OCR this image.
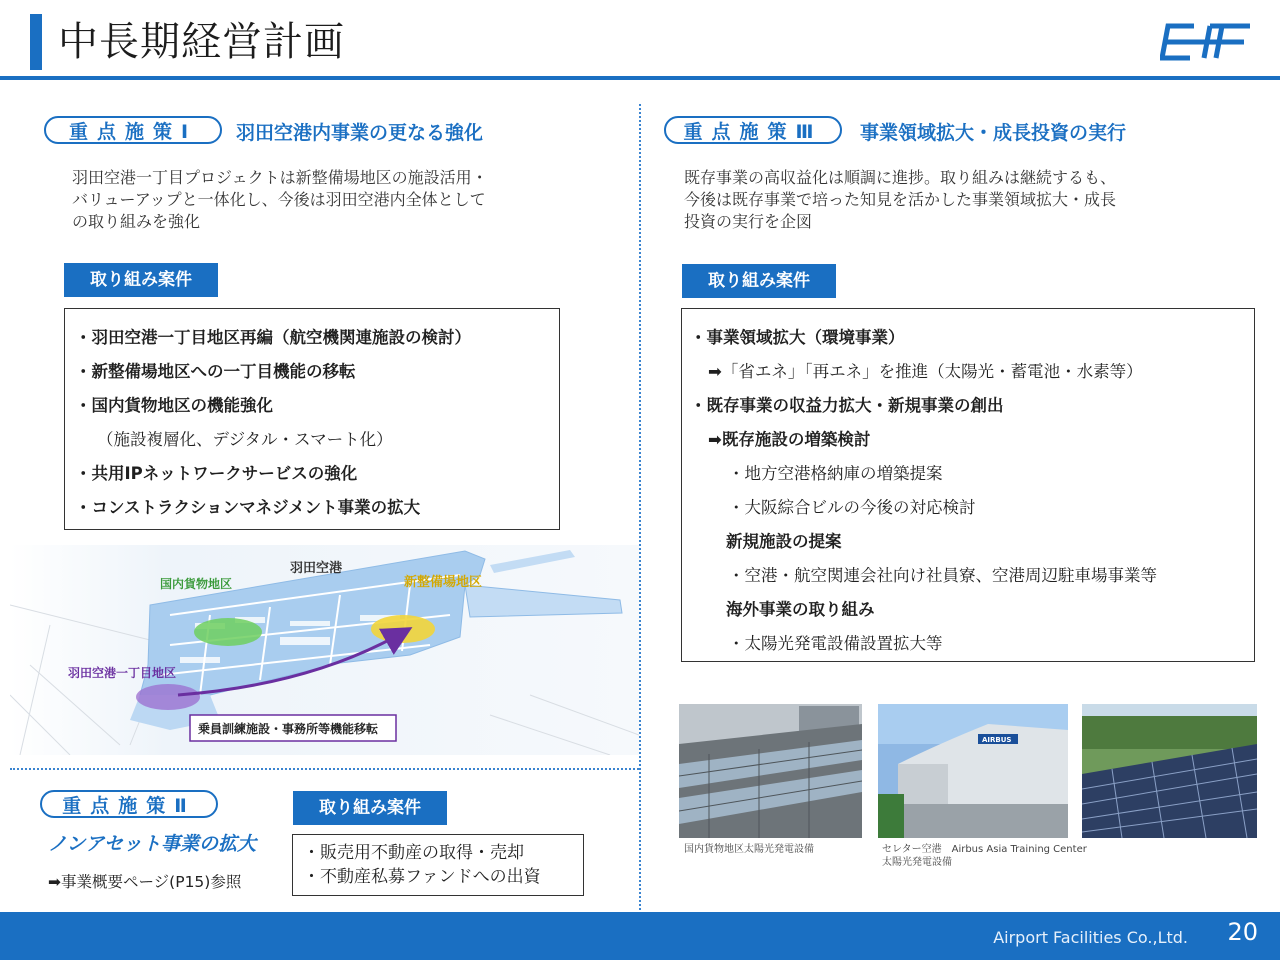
中長期経営計画
重点施策Ⅰ	羽田空港内事業の更なる強化
羽田空港一丁目プロジェクトは新整備場地区の施設活用・
バリューアップと一体化し、今後は羽田空港内全体として
の取り組みを強化
取り組み案件
・羽田空港一丁目地区再編（航空機関連施設の検討）
・新整備場地区への一丁目機能の移転
・国内貨物地区の機能強化
（施設複層化、デジタル・スマート化）
・共用IPネットワークサービスの強化
・コンストラクションマネジメント事業の拡大
羽田空港
国内貨物地区	新整備場地区
羽田空港一丁目地区
乗員訓練施設・事務所等機能移転
重点施策Ⅱ
ノンアセット事業の拡大
➡事業概要ページ(P15)参照
取り組み案件
・販売用不動産の取得・売却
・不動産私募ファンドへの出資
重点施策Ⅲ	事業領域拡大・成長投資の実行
既存事業の高収益化は順調に進捗。取り組みは継続するも、
今後は既存事業で培った知見を活かした事業領域拡大・成長
投資の実行を企図
取り組み案件
・事業領域拡大（環境事業）
➡「省エネ」「再エネ」を推進（太陽光・蓄電池・水素等）
・既存事業の収益力拡大・新規事業の創出
➡既存施設の増築検討
・地方空港格納庫の増築提案
・大阪綜合ビルの今後の対応検討
新規施設の提案
・空港・航空関連会社向け社員寮、空港周辺駐車場事業等
海外事業の取り組み
・太陽光発電設備設置拡大等
AIRBUS
国内貨物地区太陽光発電設備	セレター空港　Airbus Asia Training Center
太陽光発電設備
Airport Facilities Co.,Ltd. 20
